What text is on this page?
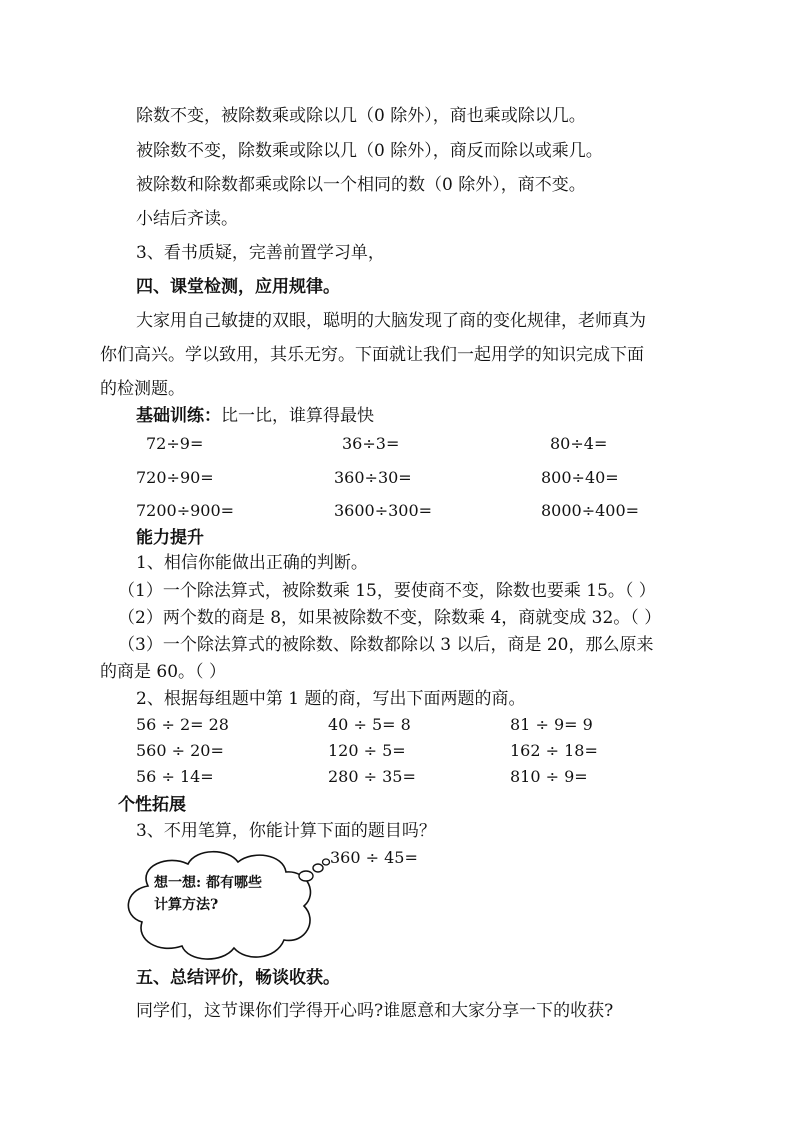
除数不变，被除数乘或除以几（0 除外），商也乘或除以几。
被除数不变，除数乘或除以几（0 除外），商反而除以或乘几。
被除数和除数都乘或除以一个相同的数（0 除外），商不变。
小结后齐读。
3、看书质疑，完善前置学习单，
四、课堂检测，应用规律。
大家用自己敏捷的双眼，聪明的大脑发现了商的变化规律，老师真为
你们高兴。学以致用，其乐无穷。下面就让我们一起用学的知识完成下面
的检测题。
基础训练：比一比，谁算得最快
72÷9=	36÷3=	80÷4=
720÷90=	360÷30=	800÷40=
7200÷900=	3600÷300=	8000÷400=
能力提升
1、相信你能做出正确的判断。
（1）一个除法算式，被除数乘 15，要使商不变，除数也要乘 15。（ ）
（2）两个数的商是 8，如果被除数不变，除数乘 4，商就变成 32。（ ）
（3）一个除法算式的被除数、除数都除以 3 以后，商是 20，那么原来
的商是 60。（ ）
2、根据每组题中第 1 题的商，写出下面两题的商。
56 ÷ 2= 28	40 ÷ 5= 8	81 ÷ 9= 9
560 ÷ 20=	120 ÷ 5=	162 ÷ 18=
56 ÷ 14=	280 ÷ 35=	810 ÷ 9=
个性拓展
3、不用笔算，你能计算下面的题目吗？
360 ÷ 45=
想一想: 都有哪些计算方法?
五、总结评价，畅谈收获。
同学们，这节课你们学得开心吗?谁愿意和大家分享一下的收获?
